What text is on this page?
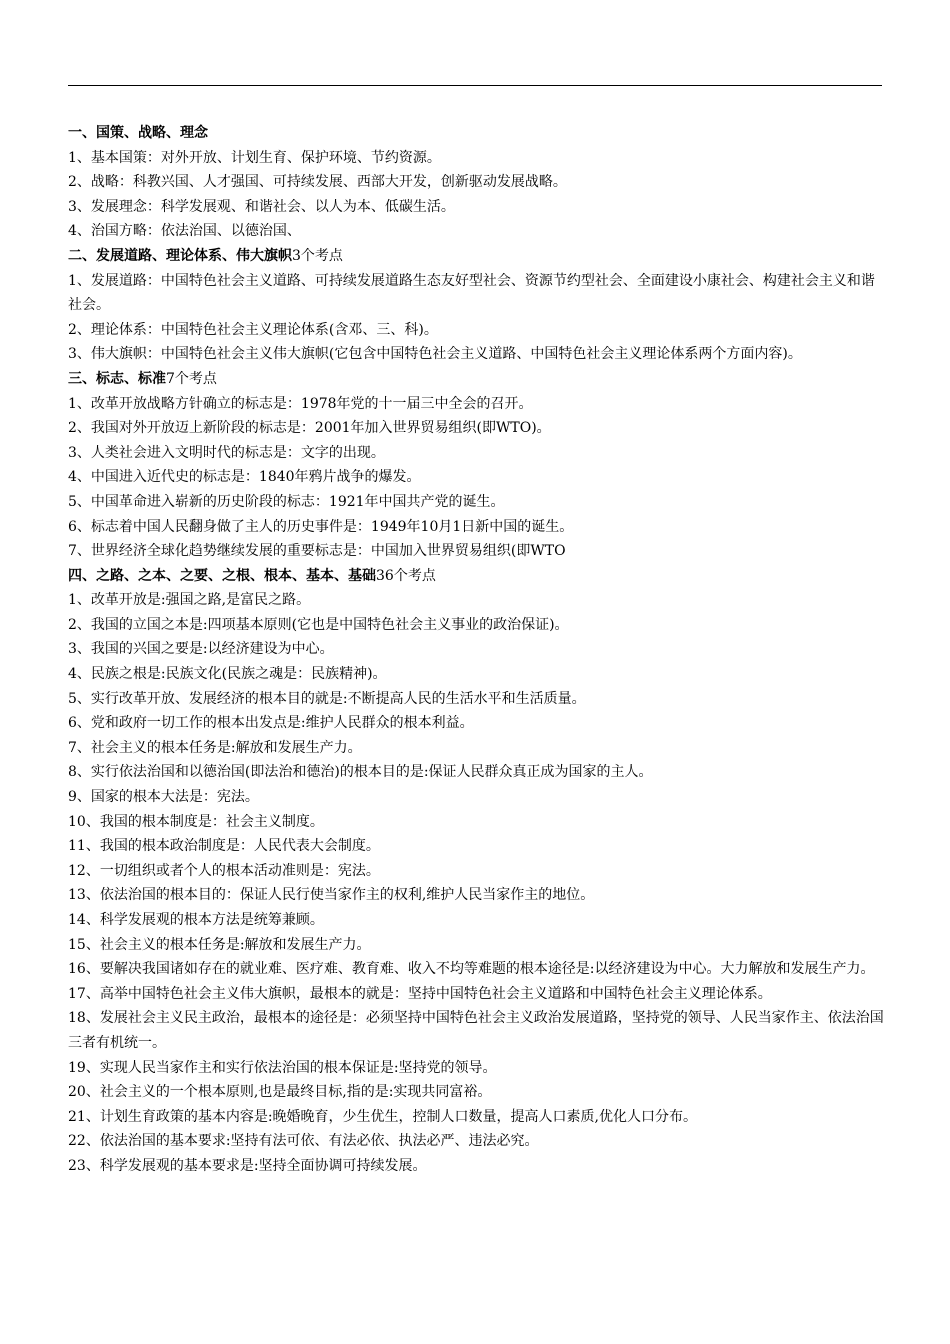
一、国策、战略、理念

1、基本国策：对外开放、计划生育、保护环境、节约资源。

2、战略：科教兴国、人才强国、可持续发展、西部大开发，创新驱动发展战略。

3、发展理念：科学发展观、和谐社会、以人为本、低碳生活。

4、治国方略：依法治国、以德治国、

二、发展道路、理论体系、伟大旗帜3个考点

1、发展道路：中国特色社会主义道路、可持续发展道路生态友好型社会、资源节约型社会、全面建设小康社会、构建社会主义和谐社会。

2、理论体系：中国特色社会主义理论体系(含邓、三、科)。

3、伟大旗帜：中国特色社会主义伟大旗帜(它包含中国特色社会主义道路、中国特色社会主义理论体系两个方面内容)。

三、标志、标准7个考点

1、改革开放战略方针确立的标志是：1978年党的十一届三中全会的召开。

2、我国对外开放迈上新阶段的标志是：2001年加入世界贸易组织(即WTO)。

3、人类社会进入文明时代的标志是：文字的出现。

4、中国进入近代史的标志是：1840年鸦片战争的爆发。

5、中国革命进入崭新的历史阶段的标志：1921年中国共产党的诞生。

6、标志着中国人民翻身做了主人的历史事件是：1949年10月1日新中国的诞生。

7、世界经济全球化趋势继续发展的重要标志是：中国加入世界贸易组织(即WTO

四、之路、之本、之要、之根、根本、基本、基础36个考点

1、改革开放是:强国之路,是富民之路。

2、我国的立国之本是:四项基本原则(它也是中国特色社会主义事业的政治保证)。

3、我国的兴国之要是:以经济建设为中心。

4、民族之根是:民族文化(民族之魂是：民族精神)。

5、实行改革开放、发展经济的根本目的就是:不断提高人民的生活水平和生活质量。

6、党和政府一切工作的根本出发点是:维护人民群众的根本利益。

7、社会主义的根本任务是:解放和发展生产力。

8、实行依法治国和以德治国(即法治和德治)的根本目的是:保证人民群众真正成为国家的主人。

9、国家的根本大法是：宪法。

10、我国的根本制度是：社会主义制度。

11、我国的根本政治制度是：人民代表大会制度。

12、一切组织或者个人的根本活动准则是：宪法。

13、依法治国的根本目的：保证人民行使当家作主的权利,维护人民当家作主的地位。

14、科学发展观的根本方法是统筹兼顾。

15、社会主义的根本任务是:解放和发展生产力。

16、要解决我国诸如存在的就业难、医疗难、教育难、收入不均等难题的根本途径是:以经济建设为中心。大力解放和发展生产力。

17、高举中国特色社会主义伟大旗帜，最根本的就是：坚持中国特色社会主义道路和中国特色社会主义理论体系。

18、发展社会主义民主政治，最根本的途径是：必须坚持中国特色社会主义政治发展道路，坚持党的领导、人民当家作主、依法治国三者有机统一。

19、实现人民当家作主和实行依法治国的根本保证是:坚持党的领导。

20、社会主义的一个根本原则,也是最终目标,指的是:实现共同富裕。

21、计划生育政策的基本内容是:晚婚晚育，少生优生，控制人口数量，提高人口素质,优化人口分布。

22、依法治国的基本要求:坚持有法可依、有法必依、执法必严、违法必究。

23、科学发展观的基本要求是:坚持全面协调可持续发展。
